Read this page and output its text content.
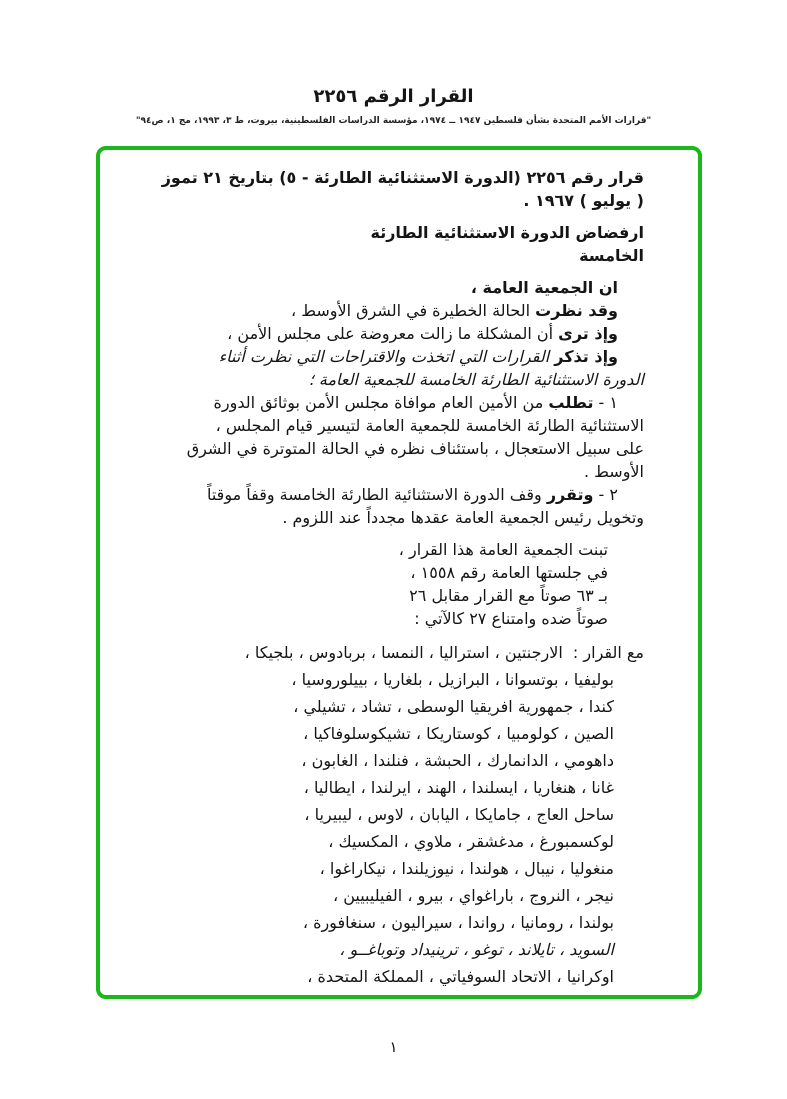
القرار الرقم ٢٢٥٦
"قرارات الأمم المتحدة بشأن فلسطين ١٩٤٧ ــ ١٩٧٤، مؤسسة الدراسات الفلسطينية، بيروت، ط ٣، ١٩٩٣، مج ١، ص٩٤"
قرار رقم ٢٢٥٦ (الدورة الاستثنائية الطارئة - ٥) بتاريخ ٢١ تموز
( يوليو ) ١٩٦٧ .
ارفضاض الدورة الاستثنائية الطارئة
الخامسة
ان الجمعية العامة ،
وقد نظرت الحالة الخطيرة في الشرق الأوسط ،
وإذ ترى أن المشكلة ما زالت معروضة على مجلس الأمن ،
وإذ تذكر القرارات التي اتخذت والاقتراحات التي نظرت أثناء
الدورة الاستثنائية الطارئة الخامسة للجمعية العامة ؛
١ - تطلب من الأمين العام موافاة مجلس الأمن بوثائق الدورة
الاستثنائية الطارئة الخامسة للجمعية العامة لتيسير قيام المجلس ،
على سبيل الاستعجال ، باستئناف نظره في الحالة المتوترة في الشرق
الأوسط .
٢ - وتقرر وقف الدورة الاستثنائية الطارئة الخامسة وقفاً موقتاً
وتخويل رئيس الجمعية العامة عقدها مجدداً عند اللزوم .
تبنت الجمعية العامة هذا القرار ،
في جلستها العامة رقم ١٥٥٨ ،
بـ ٦٣ صوتاً مع القرار مقابل ٢٦
صوتاً ضده وامتناع ٢٧ كالآتي :
مع القرار :  الارجنتين ، استراليا ، النمسا ، بربادوس ، بلجيكا ،
بوليفيا ، بوتسوانا ، البرازيل ، بلغاريا ، بييلوروسيا ،
كندا ، جمهورية افريقيا الوسطى ، تشاد ، تشيلي ،
الصين ، كولومبيا ، كوستاريكا ، تشيكوسلوفاكيا ،
داهومي ، الدانمارك ، الحبشة ، فنلندا ، الغابون ،
غانا ، هنغاريا ، ايسلندا ، الهند ، ايرلندا ، ايطاليا ،
ساحل العاج ، جامايكا ، اليابان ، لاوس ، ليبيريا ،
لوكسمبورغ ، مدغشقر ، ملاوي ، المكسيك ،
منغوليا ، نيبال ، هولندا ، نيوزيلندا ، نيكاراغوا ،
نيجر ، النروج ، باراغواي ، بيرو ، الفيليبيين ،
بولندا ، رومانيا ، رواندا ، سيراليون ، سنغافورة ،
السويد ، تايلاند ، توغو ، ترينيداد وتوباغــو ،
اوكرانيا ، الاتحاد السوفياتي ، المملكة المتحدة ،
١
